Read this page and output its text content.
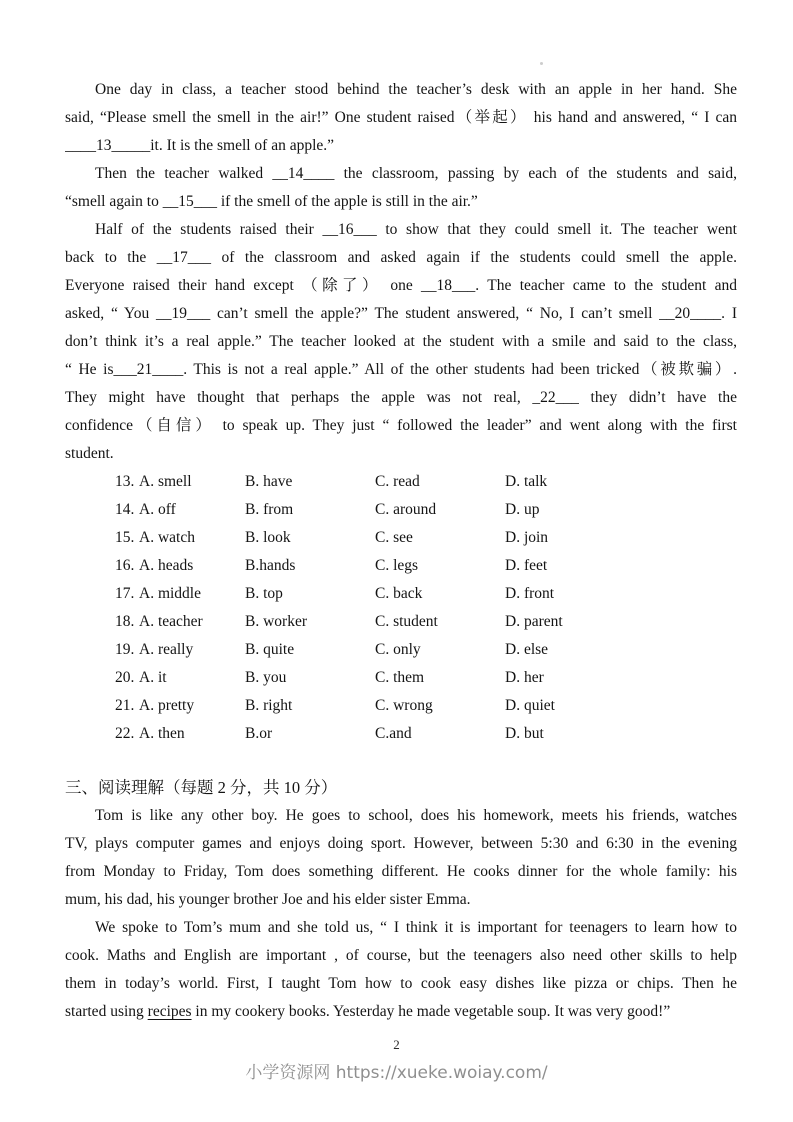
One day in class, a teacher stood behind the teacher’s desk with an apple in her hand. She
said, “Please smell the smell in the air!” One student raised（举起） his hand and answered, “ I can
____13_____it. It is the smell of an apple.”
Then the teacher walked __14____ the classroom, passing by each of the students and said,
“smell again to __15___ if the smell of the apple is still in the air.”
Half of the students raised their __16___ to show that they could smell it. The teacher went
back to the __17___ of the classroom and asked again if the students could smell the apple.
Everyone raised their hand except （除了） one __18___. The teacher came to the student and
asked, “ You __19___ can’t smell the apple?” The student answered, “ No, I can’t smell __20____. I
don’t think it’s a real apple.” The teacher looked at the student with a smile and said to the class,
“ He is___21____. This is not a real apple.” All of the other students had been tricked（被欺骗）.
They might have thought that perhaps the apple was not real, _22___ they didn’t have the
confidence（自信） to speak up. They just “ followed the leader” and went along with the first
student.
13. A. smell	B. have	C. read	D. talk
14. A. off	B. from	C. around	D. up
15. A. watch	B. look	C. see	D. join
16. A. heads	B.hands	C. legs	D. feet
17. A. middle	B. top	C. back	D. front
18. A. teacher	B. worker	C. student	D. parent
19. A. really	B. quite	C. only	D. else
20. A. it	B. you	C. them	D. her
21. A. pretty	B. right	C. wrong	D. quiet
22. A. then	B.or	C.and	D. but
三、阅读理解（每题 2 分，共 10 分）
Tom is like any other boy. He goes to school, does his homework, meets his friends, watches
TV, plays computer games and enjoys doing sport. However, between 5:30 and 6:30 in the evening
from Monday to Friday, Tom does something different. He cooks dinner for the whole family: his
mum, his dad, his younger brother Joe and his elder sister Emma.
We spoke to Tom’s mum and she told us, “ I think it is important for teenagers to learn how to
cook. Maths and English are important , of course, but the teenagers also need other skills to help
them in today’s world. First, I taught Tom how to cook easy dishes like pizza or chips. Then he
started using recipes in my cookery books. Yesterday he made vegetable soup. It was very good!”
2
小学资源网 https://xueke.woiay.com/
